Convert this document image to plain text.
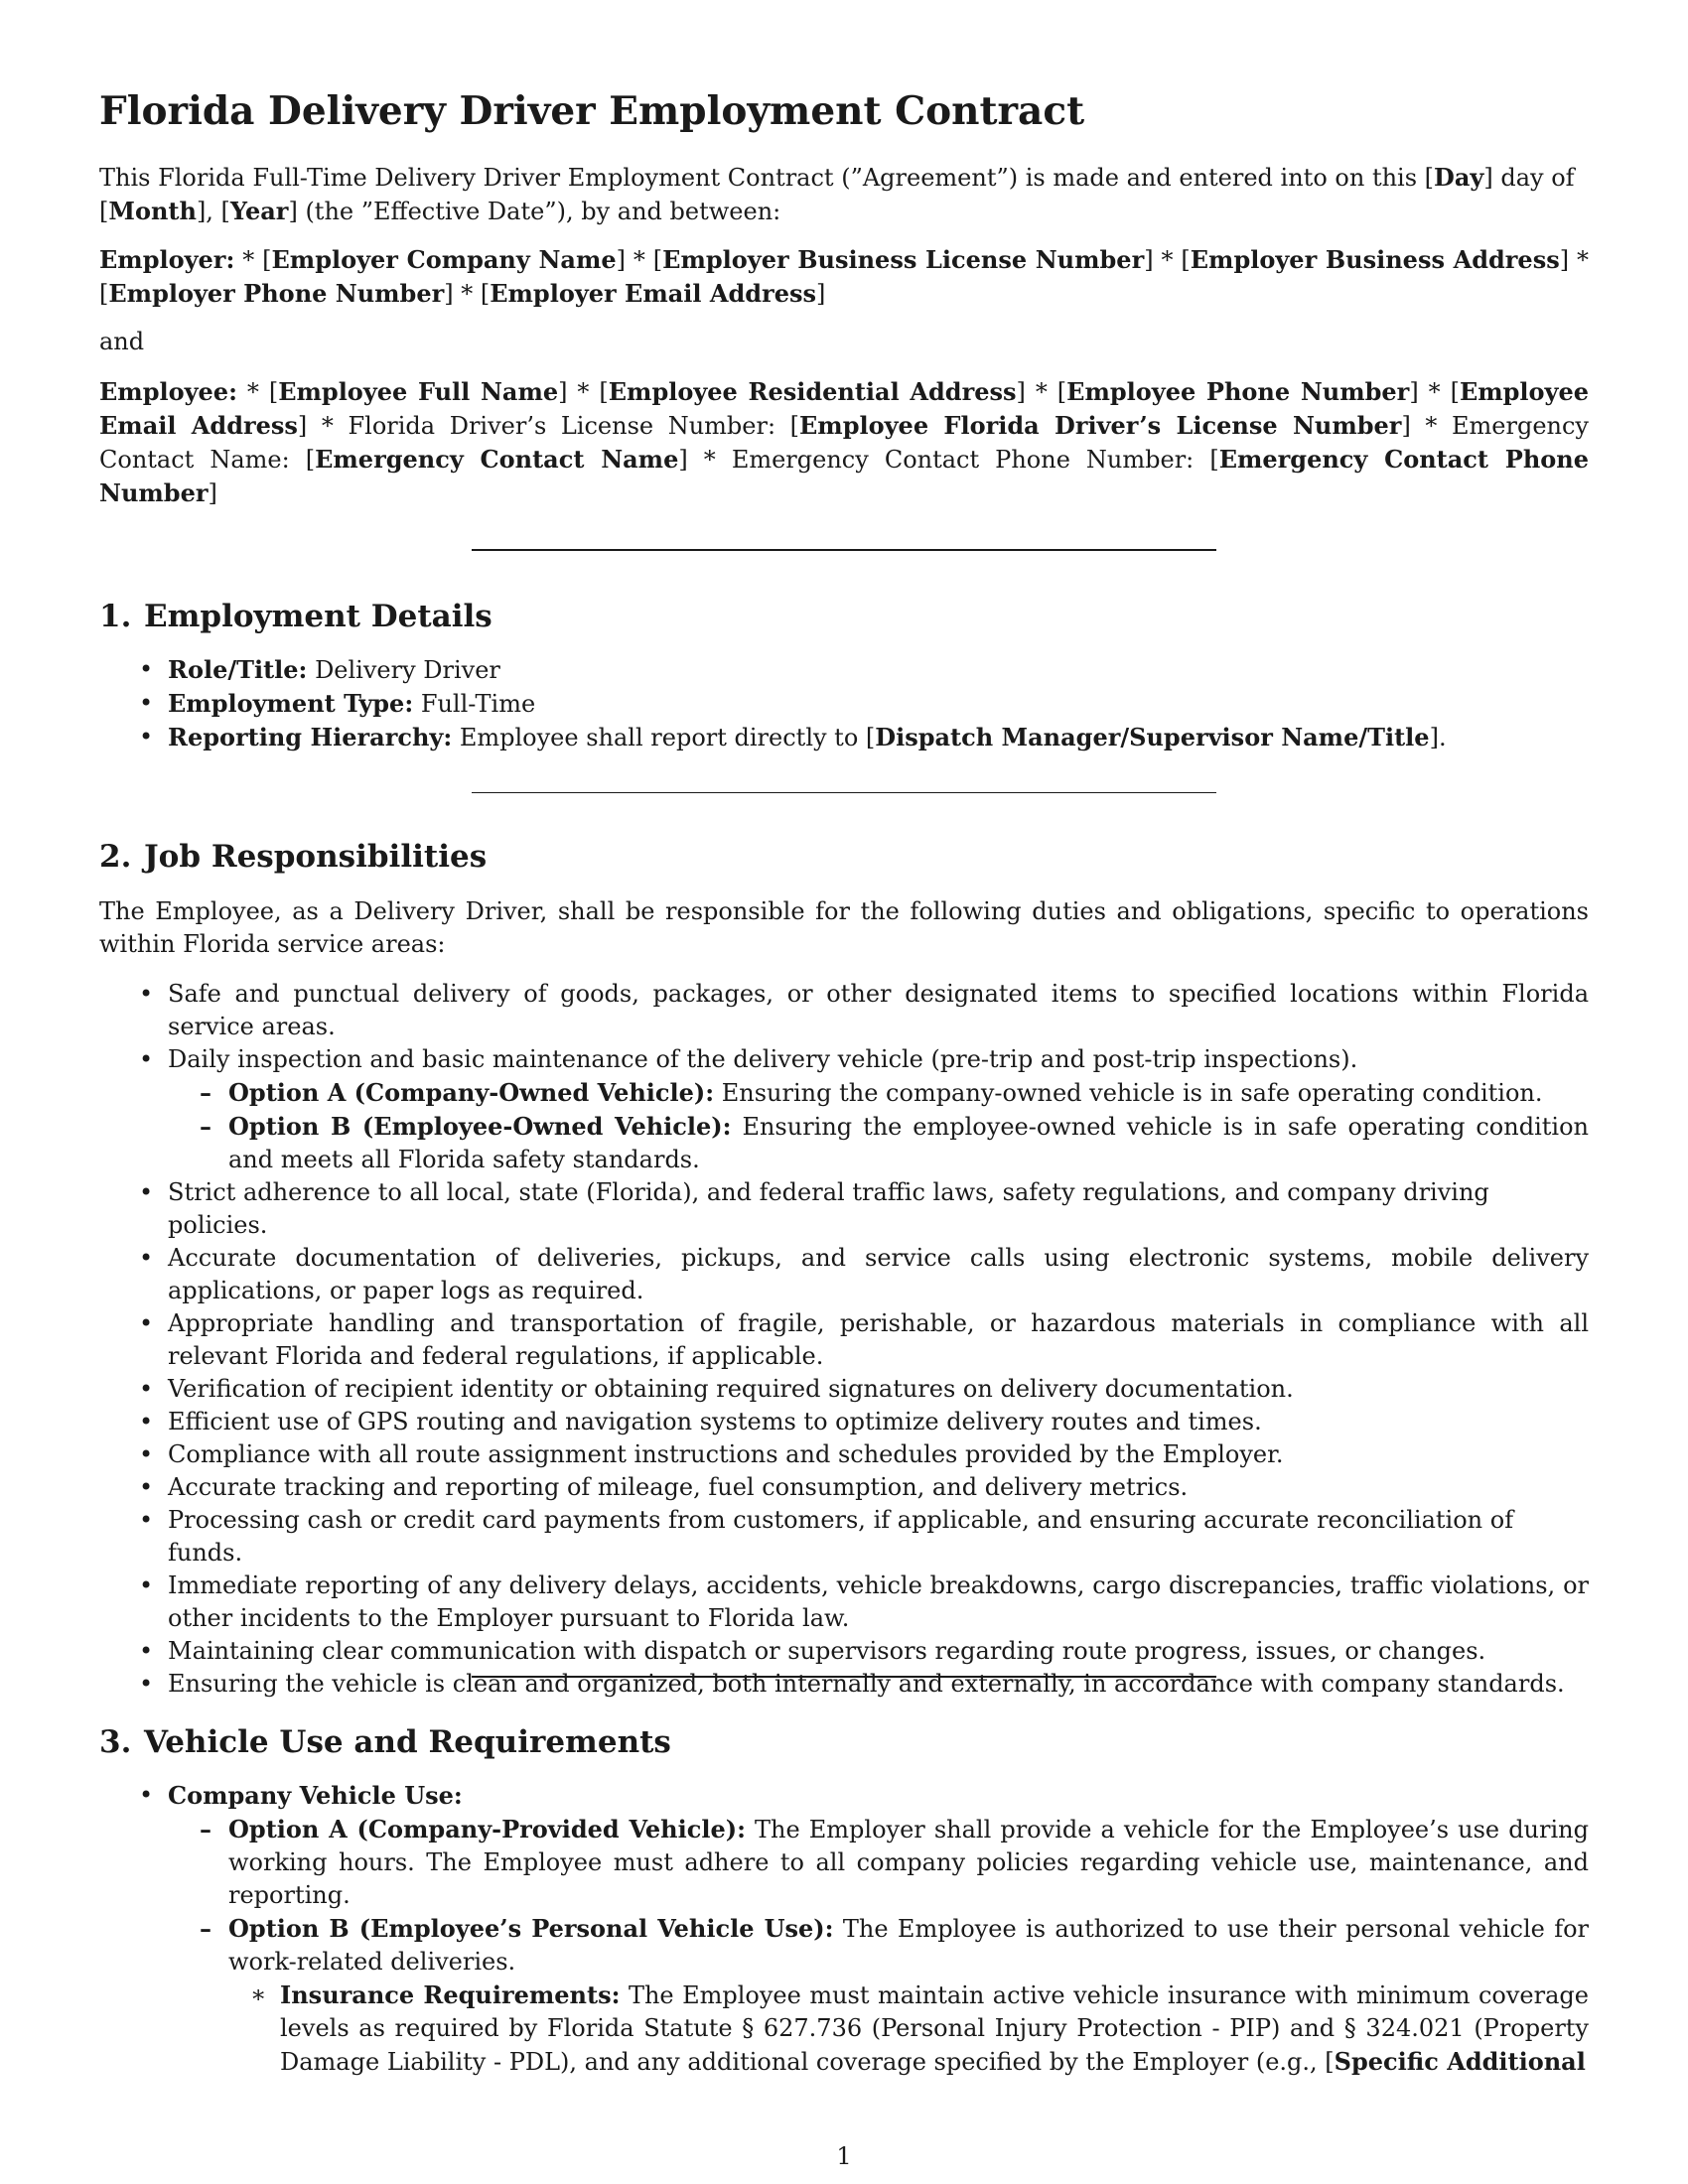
Florida Delivery Driver Employment Contract

This Florida Full-Time Delivery Driver Employment Contract (”Agreement”) is made and entered into on this [Day] day of
[Month], [Year] (the ”Effective Date”), by and between:

Employer: * [Employer Company Name] * [Employer Business License Number] * [Employer Business Address] * [Employer Phone Number] * [Employer Email Address]

and

Employee: * [Employee Full Name] * [Employee Residential Address] * [Employee Phone Number] * [Employee Email Address] * Florida Driver’s License Number: [Employee Florida Driver’s License Number] * Emergency Contact Name: [Emergency Contact Name] * Emergency Contact Phone Number: [Emergency Contact Phone Number]

1. Employment Details
• Role/Title: Delivery Driver
• Employment Type: Full-Time
• Reporting Hierarchy: Employee shall report directly to [Dispatch Manager/Supervisor Name/Title].
2. Job Responsibilities

The Employee, as a Delivery Driver, shall be responsible for the following duties and obligations, specific to operations within Florida service areas:

• Safe and punctual delivery of goods, packages, or other designated items to specified locations within Florida service areas.
• Daily inspection and basic maintenance of the delivery vehicle (pre-trip and post-trip inspections).
– Option A (Company-Owned Vehicle): Ensuring the company-owned vehicle is in safe operating condition.
– Option B (Employee-Owned Vehicle): Ensuring the employee-owned vehicle is in safe operating condition and meets all Florida safety standards.
• Strict adherence to all local, state (Florida), and federal traffic laws, safety regulations, and company driving policies.
• Accurate documentation of deliveries, pickups, and service calls using electronic systems, mobile delivery applications, or paper logs as required.
• Appropriate handling and transportation of fragile, perishable, or hazardous materials in compliance with all relevant Florida and federal regulations, if applicable.
• Verification of recipient identity or obtaining required signatures on delivery documentation.
• Efficient use of GPS routing and navigation systems to optimize delivery routes and times.
• Compliance with all route assignment instructions and schedules provided by the Employer.
• Accurate tracking and reporting of mileage, fuel consumption, and delivery metrics.
• Processing cash or credit card payments from customers, if applicable, and ensuring accurate reconciliation of funds.
• Immediate reporting of any delivery delays, accidents, vehicle breakdowns, cargo discrepancies, traffic violations, or other incidents to the Employer pursuant to Florida law.
• Maintaining clear communication with dispatch or supervisors regarding route progress, issues, or changes.
• Ensuring the vehicle is clean and organized, both internally and externally, in accordance with company standards.
3. Vehicle Use and Requirements
• Company Vehicle Use:
– Option A (Company-Provided Vehicle): The Employer shall provide a vehicle for the Employee’s use during working hours. The Employee must adhere to all company policies regarding vehicle use, maintenance, and reporting.
– Option B (Employee’s Personal Vehicle Use): The Employee is authorized to use their personal vehicle for work-related deliveries.
∗ Insurance Requirements: The Employee must maintain active vehicle insurance with minimum coverage levels as required by Florida Statute § 627.736 (Personal Injury Protection - PIP) and § 324.021 (Property Damage Liability - PDL), and any additional coverage specified by the Employer (e.g., [Specific Additional
1
